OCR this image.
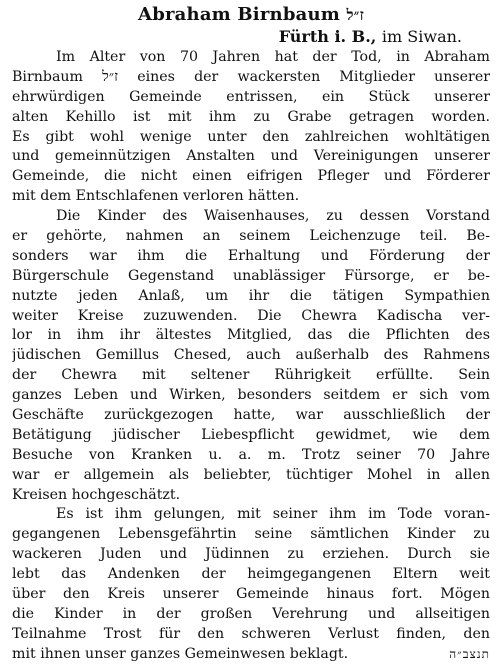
Abraham Birnbaum ז״ל
Fürth i. B., im Siwan.
Im Alter von 70 Jahren hat der Tod, in Abraham
Birnbaum ז״ל eines der wackersten Mitglieder unserer
ehrwürdigen Gemeinde entrissen, ein Stück unserer
alten Kehillo ist mit ihm zu Grabe getragen worden.
Es gibt wohl wenige unter den zahlreichen wohltätigen
und gemeinnützigen Anstalten und Vereinigungen unserer
Gemeinde, die nicht einen eifrigen Pfleger und Förderer
mit dem Entschlafenen verloren hätten.
Die Kinder des Waisenhauses, zu dessen Vorstand
er gehörte, nahmen an seinem Leichenzuge teil. Be-
sonders war ihm die Erhaltung und Förderung der
Bürgerschule Gegenstand unablässiger Fürsorge, er be-
nutzte jeden Anlaß, um ihr die tätigen Sympathien
weiter Kreise zuzuwenden. Die Chewra Kadischa ver-
lor in ihm ihr ältestes Mitglied, das die Pflichten des
jüdischen Gemillus Chesed, auch außerhalb des Rahmens
der Chewra mit seltener Rührigkeit erfüllte. Sein
ganzes Leben und Wirken, besonders seitdem er sich vom
Geschäfte zurückgezogen hatte, war ausschließlich der
Betätigung jüdischer Liebespflicht gewidmet, wie dem
Besuche von Kranken u. a. m. Trotz seiner 70 Jahre
war er allgemein als beliebter, tüchtiger Mohel in allen
Kreisen hochgeschätzt.
Es ist ihm gelungen, mit seiner ihm im Tode voran-
gegangenen Lebensgefährtin seine sämtlichen Kinder zu
wackeren Juden und Jüdinnen zu erziehen. Durch sie
lebt das Andenken der heimgegangenen Eltern weit
über den Kreis unserer Gemeinde hinaus fort. Mögen
die Kinder in der großen Verehrung und allseitigen
Teilnahme Trost für den schweren Verlust finden, den
mit ihnen unser ganzes Gemeinwesen beklagt.	תנצב״ה
